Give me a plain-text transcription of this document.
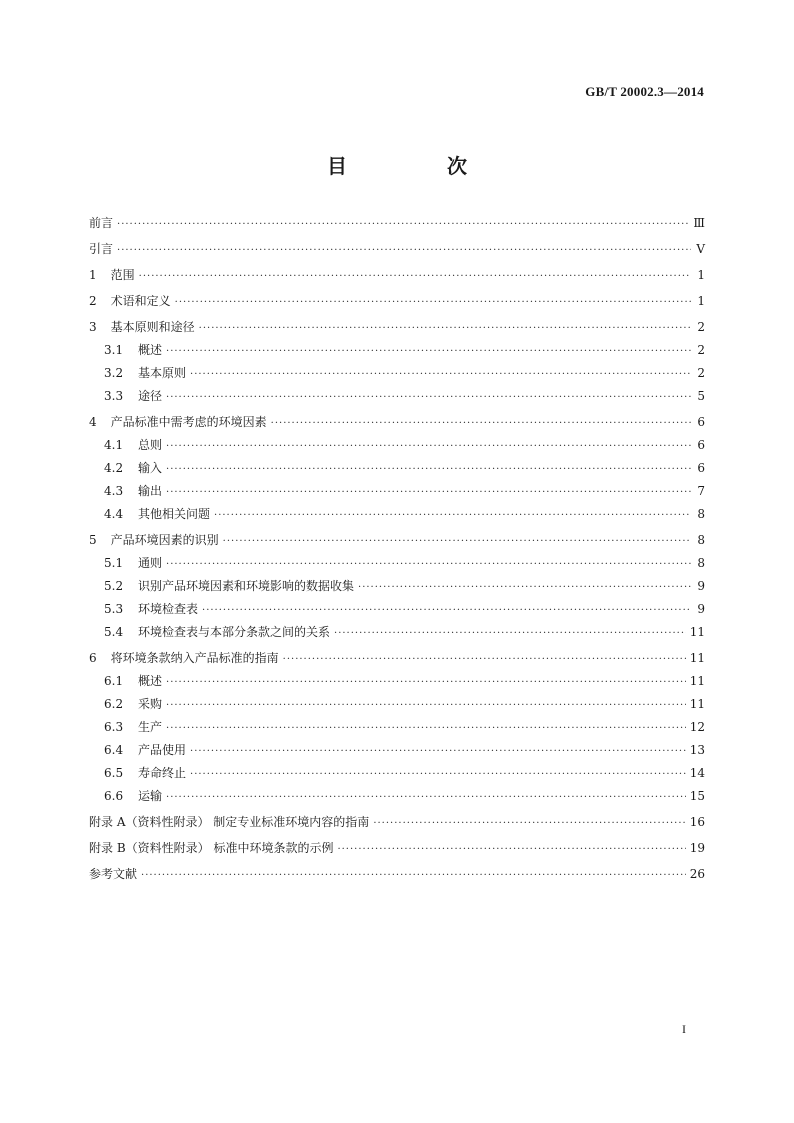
GB/T 20002.3—2014
目　次
前言 ·····	Ⅲ
引言 ·····	Ⅴ
1 范围 ·····	1
2 术语和定义 ·····	1
3 基本原则和途径 ·····	2
3.1 概述 ·····	2
3.2 基本原则 ·····	2
3.3 途径 ·····	5
4 产品标准中需考虑的环境因素 ·····	6
4.1 总则 ·····	6
4.2 输入 ·····	6
4.3 输出 ·····	7
4.4 其他相关问题 ·····	8
5 产品环境因素的识别 ·····	8
5.1 通则 ·····	8
5.2 识别产品环境因素和环境影响的数据收集 ·····	9
5.3 环境检查表 ·····	9
5.4 环境检查表与本部分条款之间的关系 ·····	11
6 将环境条款纳入产品标准的指南 ·····	11
6.1 概述 ·····	11
6.2 采购 ·····	11
6.3 生产 ·····	12
6.4 产品使用 ·····	13
6.5 寿命终止 ·····	14
6.6 运输 ·····	15
附录 A（资料性附录） 制定专业标准环境内容的指南 ·····	16
附录 B（资料性附录） 标准中环境条款的示例 ·····	19
参考文献 ·····	26
I
